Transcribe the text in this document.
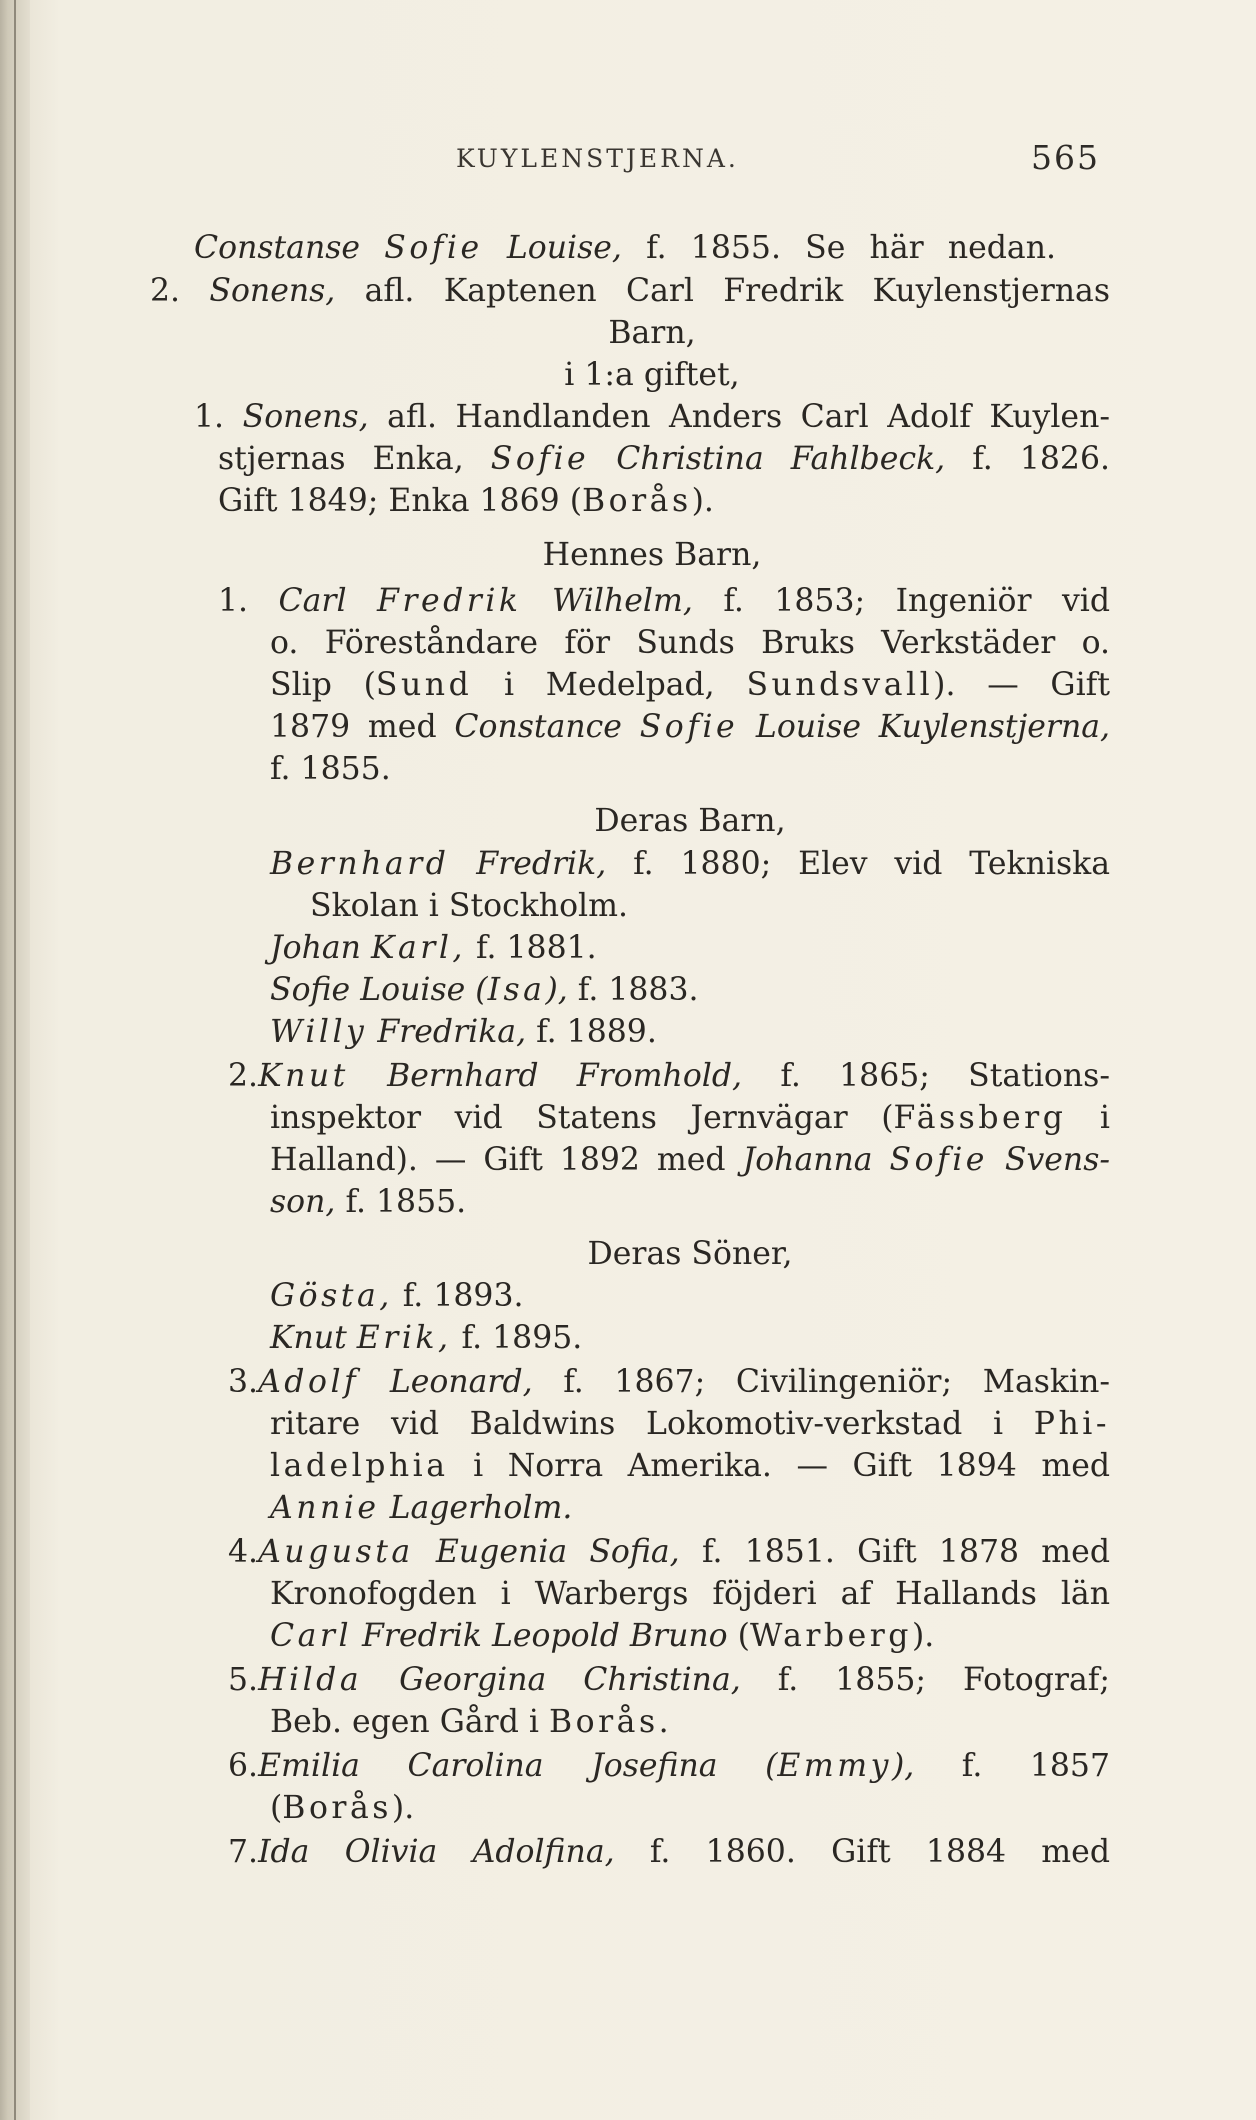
KUYLENSTJERNA.	565
Constanse Sofie Louise, f. 1855. Se här nedan.
2. Sonens, afl. Kaptenen Carl Fredrik Kuylenstjernas
Barn,
i 1:a giftet,
1. Sonens, afl. Handlanden Anders Carl Adolf Kuylen-
stjernas Enka, Sofie Christina Fahlbeck, f. 1826.
Gift 1849; Enka 1869 (Borås).
Hennes Barn,
1. Carl Fredrik Wilhelm, f. 1853; Ingeniör vid
o. Föreståndare för Sunds Bruks Verkstäder o.
Slip (Sund i Medelpad, Sundsvall). — Gift
1879 med Constance Sofie Louise Kuylenstjerna,
f. 1855.
Deras Barn,
Bernhard Fredrik, f. 1880; Elev vid Tekniska
Skolan i Stockholm.
Johan Karl, f. 1881.
Sofie Louise (Isa), f. 1883.
Willy Fredrika, f. 1889.
2.Knut Bernhard Fromhold, f. 1865; Stations-
inspektor vid Statens Jernvägar (Fässberg i
Halland). — Gift 1892 med Johanna Sofie Svens-
son, f. 1855.
Deras Söner,
Gösta, f. 1893.
Knut Erik, f. 1895.
3.Adolf Leonard, f. 1867; Civilingeniör; Maskin-
ritare vid Baldwins Lokomotiv-verkstad i Phi-
ladelphia i Norra Amerika. — Gift 1894 med
Annie Lagerholm.
4.Augusta Eugenia Sofia, f. 1851. Gift 1878 med
Kronofogden i Warbergs föjderi af Hallands län
Carl Fredrik Leopold Bruno (Warberg).
5.Hilda Georgina Christina, f. 1855; Fotograf;
Beb. egen Gård i Borås.
6.Emilia Carolina Josefina (Emmy), f. 1857
(Borås).
7.Ida Olivia Adolfina, f. 1860. Gift 1884 med
